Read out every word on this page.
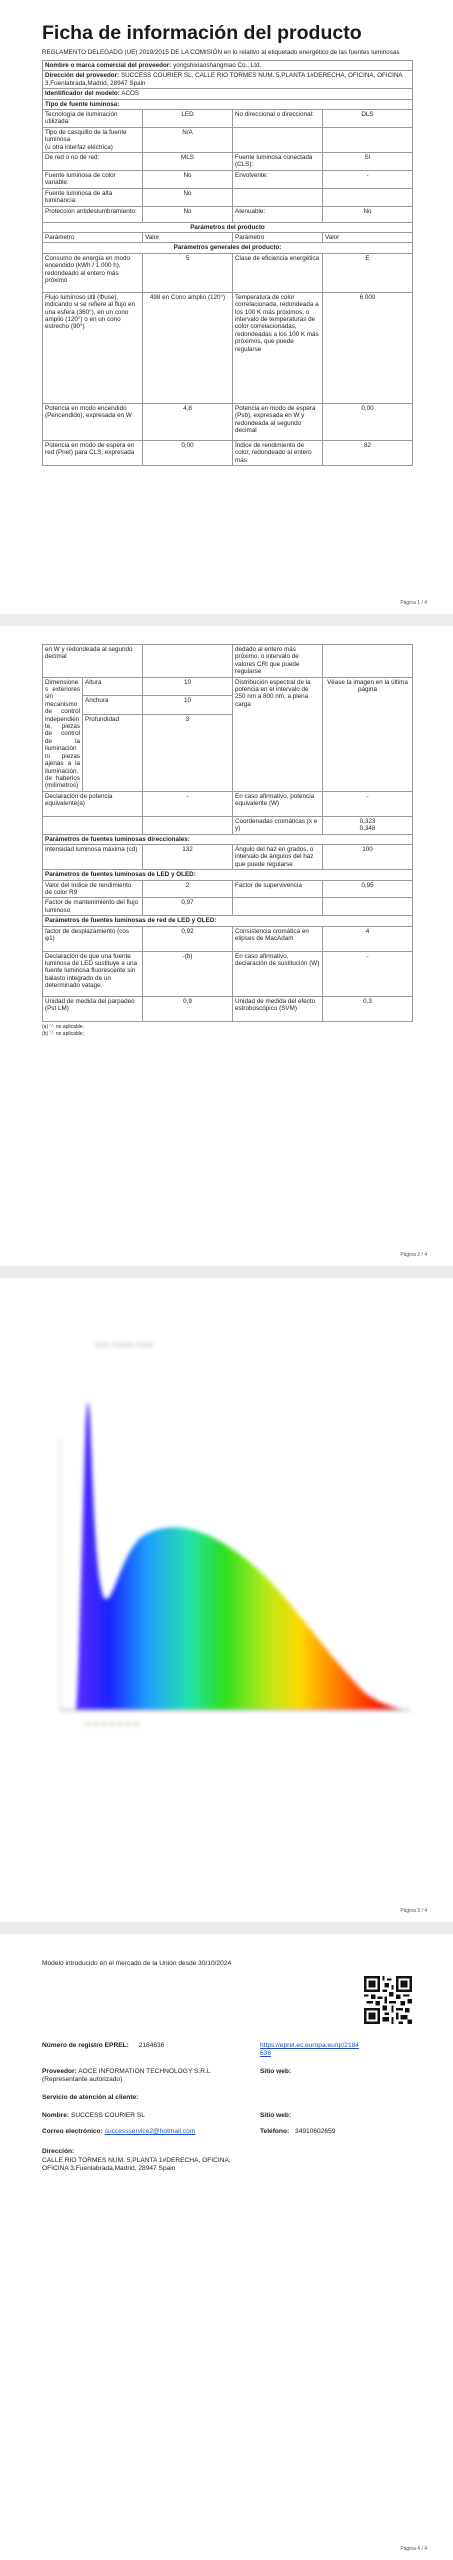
Ficha de información del producto
REGLAMENTO DELEGADO (UE) 2019/2015 DE LA COMISIÓN en lo relativo al etiquetado energético de las fuentes luminosas
Nombre o marca comercial del proveedor: yongshixiaoshangmao Co., Ltd.			
Dirección del proveedor: SUCCESS COURIER SL, CALLE RIO TORMES NUM. 5,PLANTA 1#DERECHA, OFICINA, OFICINA 3,Fuenlabrada,Madrid, 28947 Spain			
Identificador del modelo: ACOS			
Tipo de fuente luminosa:			
Tecnología de iluminación utilizada:	LED	No direccional o direccional:	DLS
Tipo de casquillo de la fuente luminosa
(u otra interfaz eléctrica)	N/A		
De red o no de red:	MLS	Fuente luminosa conectada (CLS):	Sí
Fuente luminosa de color variable:	No	Envolvente:	-
Fuente luminosa de alta luminancia:	No		
Proteccion antideslumbramiento:	No	Atenuable:	No
Parámetros del producto			
Parámetro	Valor	Parámetro	Valor
Parámetros generales del producto:			
Consumo de energía en modo encendido (kWh / 1 000 h), redondeado al entero más próximo	5	Clase de eficiencia energética	E
Flujo luminoso útil (Φuse), indicando si se refiere al flujo en una esfera (360°), en un cono amplio (120°) o en un cono estrecho (90°)	498 en Cono amplio (120°)	Temperatura de color correlacionada, redondeada a los 100 K más próximos, o intervalo de temperaturas de color correlacionadas, redondeadas a los 100 K más próximos, que puede regularse	6 000
Potencia en modo encendido (Pencendido), expresada en W	4,8	Potencia en modo de espera (Psb), expresada en W y redondeada al segundo decimal	0,00
Potencia en modo de espera en red (Pnet) para CLS, expresada	0,00	Índice de rendimiento de color, redondeado al entero más	82
Página 1 / 4
en W y redondeada al segundo decimal			dedado al entero más próximo, o intervalo de valores CRI que puede regularse	
Dimensiones exteriores sin mecanismo de control independiente, piezas de control de la iluminación ni piezas ajenas a la iluminación, de haberlos (milímetros)	Altura	10	Distribución espectral de la potencia en el intervalo de 250 nm a 800 nm, a plena carga	Véase la imagen en la última página
	Anchura	10		
	Profundidad	3		
Declaración de potencia equivalente(a)		-	En caso afirmativo, potencia equivalente (W)	-
			Coordenadas cromáticas (x e y)	0,323
0,348
Parámetros de fuentes luminosas direccionales:				
Intensidad luminosa máxima (cd)		132	Ángulo del haz en grados, o intervalo de ángulos del haz que puede regularse	100
Parámetros de fuentes luminosas de LED y OLED:				
Valor del índice de rendimiento de color R9		2	Factor de supervivencia	0,95
Factor de mantenimiento del flujo luminoso		0,97		
Parámetros de fuentes luminosas de red de LED y OLED:				
factor de desplazamiento (cos φ1)		0,92	Consistencia cromática en elipses de MacAdam	4
Declaración de que una fuente luminosa de LED sustituye a una fuente luminosa fluorescente sin balasto integrado de un determinado vatage.		-(b)	En caso afirmativo, declaración de sustitución (W)	-
Unidad de medida del parpadeo (Pst LM)		0,9	Unidad de medida del efecto estroboscópico (SVM)	0,3
(a) '-': no aplicable;
(b) '-': no aplicable;
Página 2 / 4
▪▪▪▪ ▪▪▪▪▪▪ ▪▪▪▪▪
▪▪▪ ▪▪▪ ▪▪▪ ▪▪▪ ▪▪▪ ▪▪▪ ▪▪▪
Página 3 / 4
Modelo introducido en el mercado de la Unión desde 30/10/2024
Número de registro EPREL: 2184636	https://eprel.ec.europa.eu/qr/2184636
Proveedor: AOCE INFORMATION TECHNOLOGY S.R.L (Representante autorizado)
Sitio web:
Servicio de atención al cliente:
Nombre: SUCCESS COURIER SL	Sitio web:
Correo electrónico: successservice2@hotmail.com	Teléfono: 34910602659
Dirección:
CALLE RIO TORMES NUM. 5,PLANTA 1#DERECHA, OFICINA, OFICINA 3,Fuenlabrada,Madrid, 28947 Spain
Página 4 / 4
